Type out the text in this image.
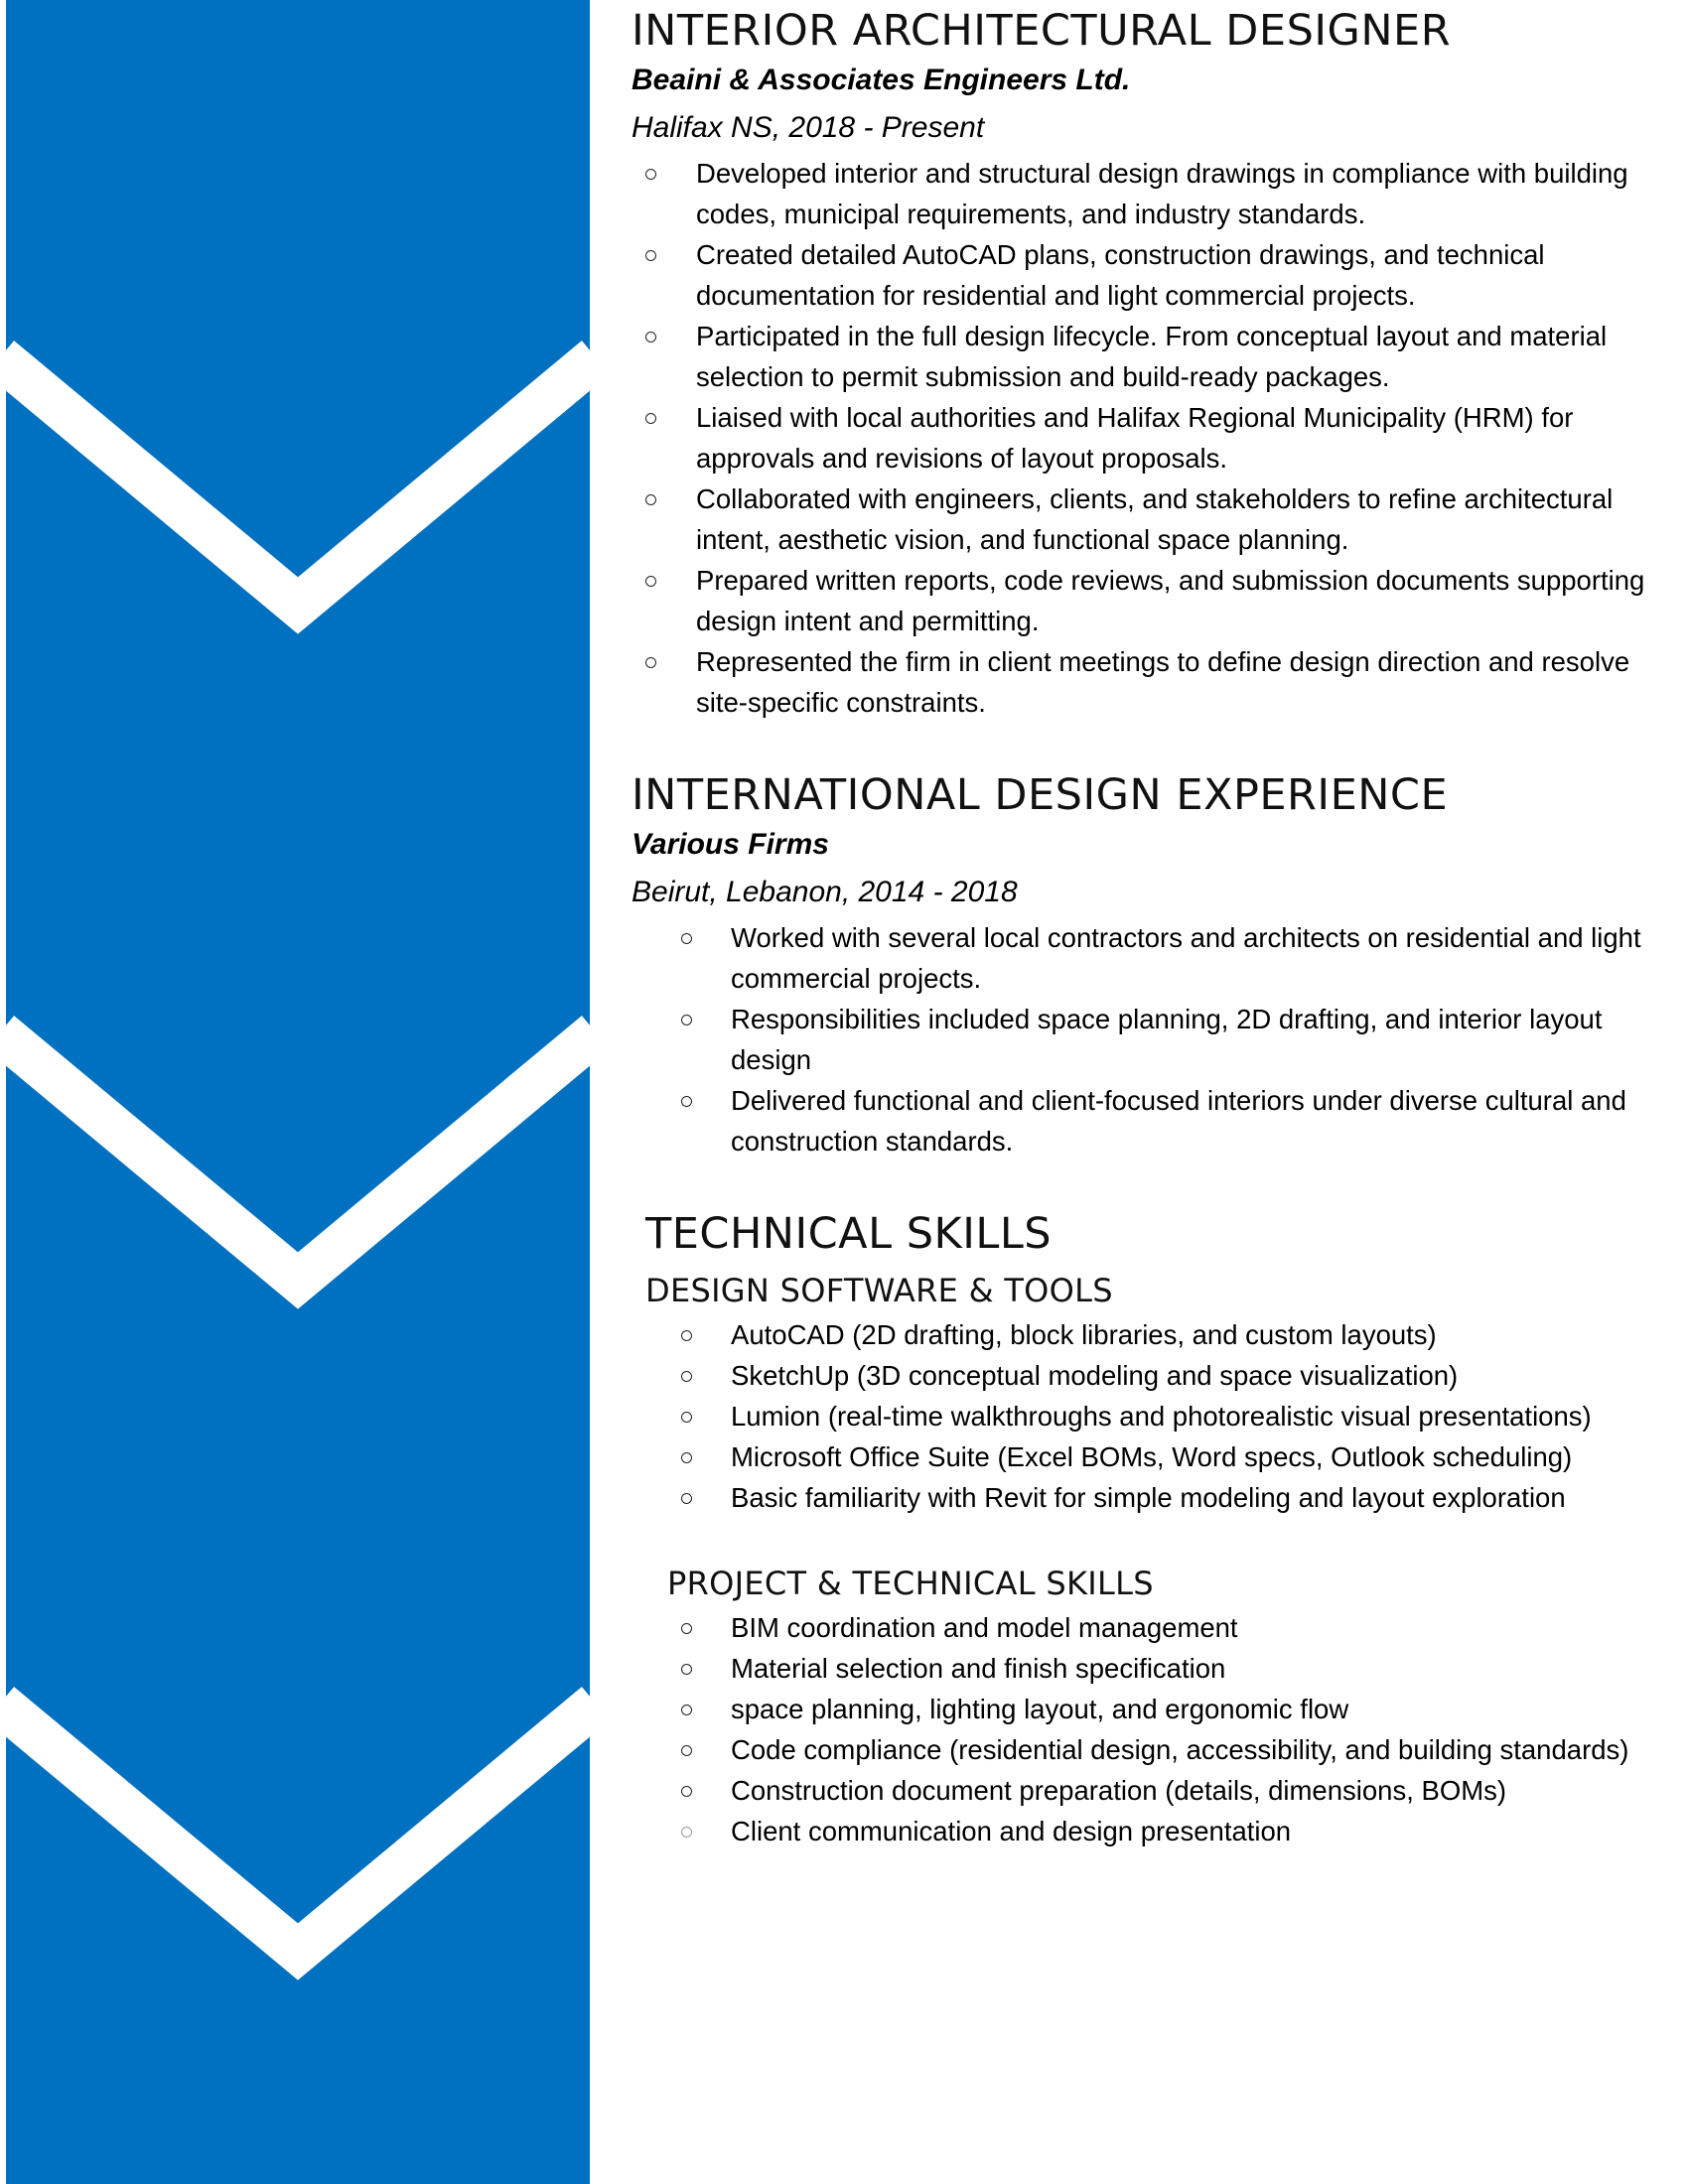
INTERIOR ARCHITECTURAL DESIGNER

Beaini & Associates Engineers Ltd.

Halifax NS, 2018 - Present

Developed interior and structural design drawings in compliance with building codes, municipal requirements, and industry standards.
Created detailed AutoCAD plans, construction drawings, and technical documentation for residential and light commercial projects.
Participated in the full design lifecycle. From conceptual layout and material selection to permit submission and build-ready packages.
Liaised with local authorities and Halifax Regional Municipality (HRM) for approvals and revisions of layout proposals.
Collaborated with engineers, clients, and stakeholders to refine architectural intent, aesthetic vision, and functional space planning.
Prepared written reports, code reviews, and submission documents supporting design intent and permitting.
Represented the firm in client meetings to define design direction and resolve site-specific constraints.
INTERNATIONAL DESIGN EXPERIENCE

Various Firms

Beirut, Lebanon, 2014 - 2018

Worked with several local contractors and architects on residential and light commercial projects.
Responsibilities included space planning, 2D drafting, and interior layout design
Delivered functional and client-focused interiors under diverse cultural and construction standards.
TECHNICAL SKILLS
DESIGN SOFTWARE & TOOLS
AutoCAD (2D drafting, block libraries, and custom layouts)
SketchUp (3D conceptual modeling and space visualization)
Lumion (real-time walkthroughs and photorealistic visual presentations)
Microsoft Office Suite (Excel BOMs, Word specs, Outlook scheduling)
Basic familiarity with Revit for simple modeling and layout exploration
PROJECT & TECHNICAL SKILLS
BIM coordination and model management
Material selection and finish specification
space planning, lighting layout, and ergonomic flow
Code compliance (residential design, accessibility, and building standards)
Construction document preparation (details, dimensions, BOMs)
Client communication and design presentation
